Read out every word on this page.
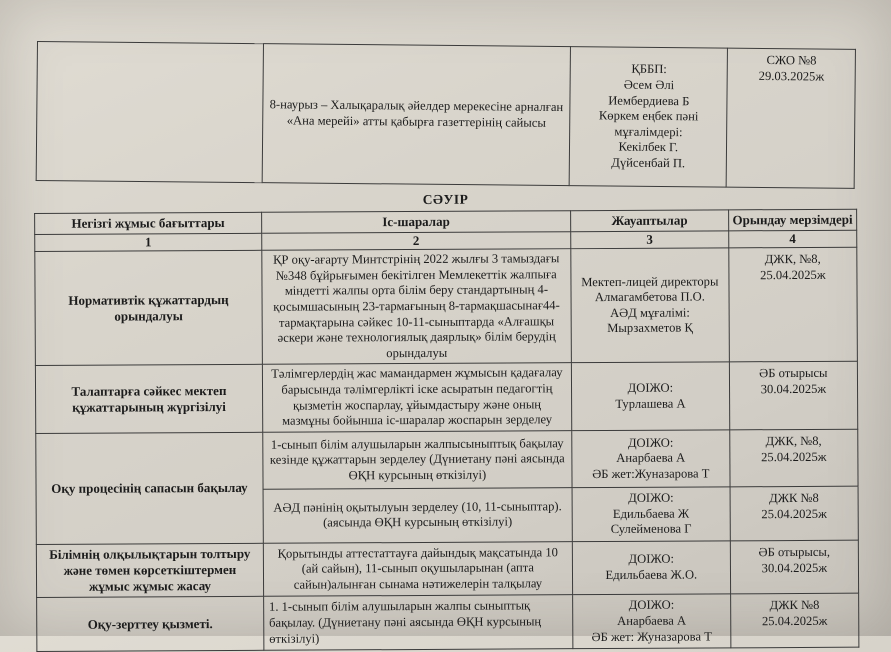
	8-наурыз – Халықаралық әйелдер мерекесіне арналған «Ана мерейі» атты қабырға газеттерінің сайысы	ҚББП:
Әсем Әлі
Иембердиева Б
Көркем еңбек пәні
мұғалімдері:
Кекілбек Г.
Дүйсенбай П.	СЖО №8
29.03.2025ж
СӘУІР
Негізгі жұмыс бағыттары	Іс-шаралар	Жауаптылар	Орындау мерзімдері
1	2	3	4
Нормативтік құжаттардың орындалуы	ҚР оқу-ағарту Минтстрінің 2022 жылғы 3 тамыздағы №348 бұйрығымен бекітілген Мемлекеттік жалпыға міндетті жалпы орта білім беру стандартының 4-қосымшасының 23-тармағының 8-тармақшасынағ44-тармақтарына сәйкес 10-11-сыныптарда «Алғашқы әскери және технологиялық даярлық» білім берудің орындалуы	Мектеп-лицей директоры
Алмагамбетова П.О.
АӘД мұғалімі:
Мырзахметов Қ	ДЖК, №8,
25.04.2025ж
Талаптарға сәйкес мектеп құжаттарының жүргізілуі	Тәлімгерлердің жас мамандармен жұмысын қадағалау барысында тәлімгерлікті іске асыратын педагогтің қызметін жоспарлау, ұйымдастыру және оның мазмұны бойынша іс-шаралар жоспарын зерделеу	ДОІЖО:
Турлашева А	ӘБ отырысы
30.04.2025ж
Оқу процесінің сапасын бақылау	1-сынып білім алушыларын жалпысыныптық бақылау кезінде құжаттарын зерделеу (Дүниетану пәні аясында ӨҚН курсының өткізілуі)	ДОІЖО:
Анарбаева А
ӘБ жет:Жуназарова Т	ДЖК, №8,
25.04.2025ж
	АӘД пәнінің оқытылуын зерделеу (10, 11-сыныптар).
(аясында ӨҚН курсының өткізілуі)	ДОІЖО:
Едильбаева Ж
Сулейменова Г	ДЖК №8
25.04.2025ж
Білімнің олқылықтарын толтыру және төмен көрсеткіштермен жұмыс жұмыс жасау	Қорытынды аттестаттауға дайындық мақсатында 10 (ай сайын), 11-сынып оқушыларынан (апта сайын)алынған сынама нәтижелерін талқылау	ДОІЖО:
Едильбаева Ж.О.	ӘБ отырысы,
30.04.2025ж
Оқу-зерттеу қызметі.	1. 1-сынып білім алушыларын жалпы сыныптық бақылау. (Дүниетану пәні аясында ӨҚН курсының өткізілуі)	ДОІЖО:
Анарбаева А
ӘБ жет: Жуназарова Т	ДЖК №8
25.04.2025ж
